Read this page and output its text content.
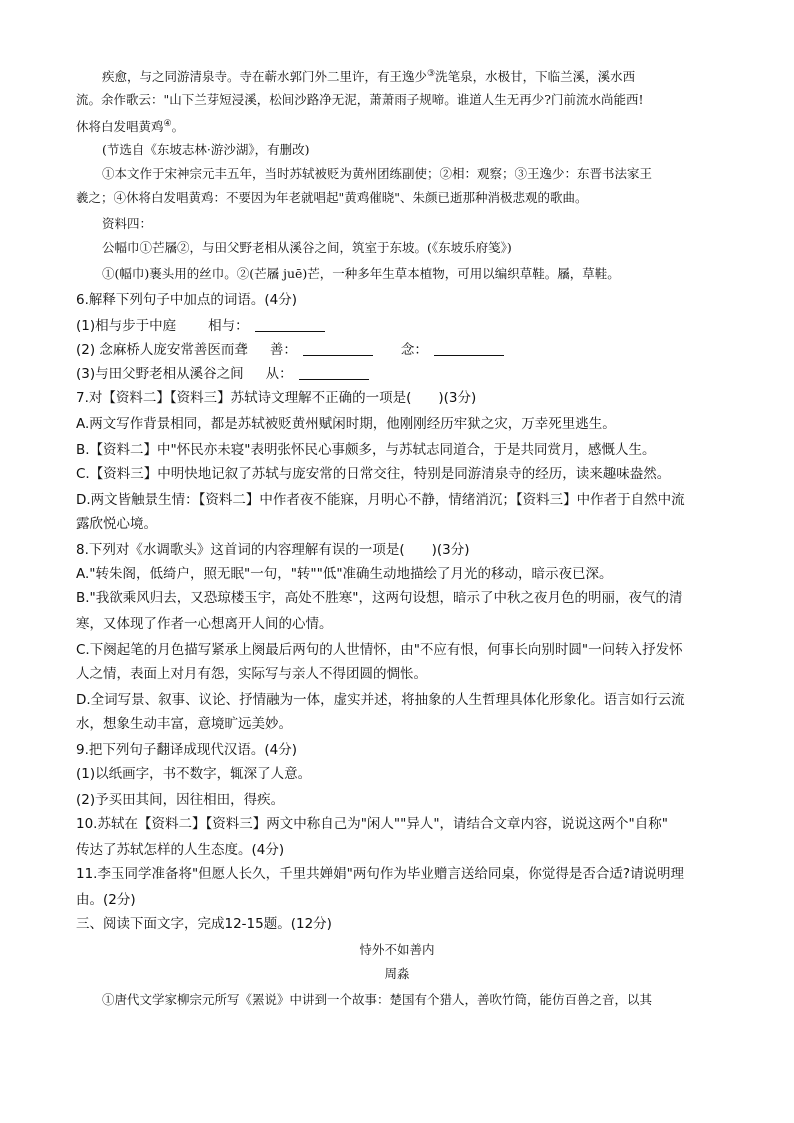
疾愈，与之同游清泉寺。寺在蕲水郭门外二里许，有王逸少③洗笔泉，水极甘，下临兰溪，溪水西
流。余作歌云："山下兰芽短浸溪，松间沙路净无泥，萧萧雨子规啼。谁道人生无再少?门前流水尚能西!
休将白发唱黄鸡④。
(节选自《东坡志林·游沙湖》，有删改)
①本文作于宋神宗元丰五年，当时苏轼被贬为黄州团练副使；②相：观察；③王逸少：东晋书法家王
羲之；④休将白发唱黄鸡：不要因为年老就唱起"黄鸡催晓"、朱颜已逝那种消极悲观的歌曲。
资料四：
公幅巾①芒屩②，与田父野老相从溪谷之间，筑室于东坡。(《东坡乐府笺》)
①(幅巾)裹头用的丝巾。②(芒屩 juē)芒，一种多年生草本植物，可用以编织草鞋。屩，草鞋。
6.解释下列句子中加点的词语。(4分)
(1)相与步于中庭 相与：
(2) 念麻桥人庞安常善医而聋 善：	念：
(3)与田父野老相从溪谷之间 从：
7.对【资料二】【资料三】苏轼诗文理解不正确的一项是(　　)(3分)
A.两文写作背景相同，都是苏轼被贬黄州赋闲时期，他刚刚经历牢狱之灾，万幸死里逃生。
B.【资料二】中"怀民亦未寝"表明张怀民心事颇多，与苏轼志同道合，于是共同赏月，感慨人生。
C.【资料三】中明快地记叙了苏轼与庞安常的日常交往，特别是同游清泉寺的经历，读来趣味盎然。
D.两文皆触景生情：【资料二】中作者夜不能寐，月明心不静，情绪消沉；【资料三】中作者于自然中流
露欣悦心境。
8.下列对《水调歌头》这首词的内容理解有误的一项是(　　)(3分)
A."转朱阁，低绮户，照无眠"一句，"转""低"准确生动地描绘了月光的移动，暗示夜已深。
B."我欲乘风归去，又恐琼楼玉宇，高处不胜寒"，这两句设想，暗示了中秋之夜月色的明丽，夜气的清
寒，又体现了作者一心想离开人间的心情。
C.下阕起笔的月色描写紧承上阕最后两句的人世情怀，由"不应有恨，何事长向别时圆"一问转入抒发怀
人之情，表面上对月有怨，实际写与亲人不得团圆的惆怅。
D.全词写景、叙事、议论、抒情融为一体，虚实并述，将抽象的人生哲理具体化形象化。语言如行云流
水，想象生动丰富，意境旷远美妙。
9.把下列句子翻译成现代汉语。(4分)
(1)以纸画字，书不数字，辄深了人意。
(2)予买田其间，因往相田，得疾。
10.苏轼在【资料二】【资料三】两文中称自己为"闲人""异人"，请结合文章内容，说说这两个"自称"
传达了苏轼怎样的人生态度。(4分)
11.李玉同学准备将"但愿人长久，千里共婵娟"两句作为毕业赠言送给同桌，你觉得是否合适?请说明理
由。(2分)
三、阅读下面文字，完成12-15题。(12分)
恃外不如善内
周淼
①唐代文学家柳宗元所写《罴说》中讲到一个故事：楚国有个猎人，善吹竹筒，能仿百兽之音，以其
